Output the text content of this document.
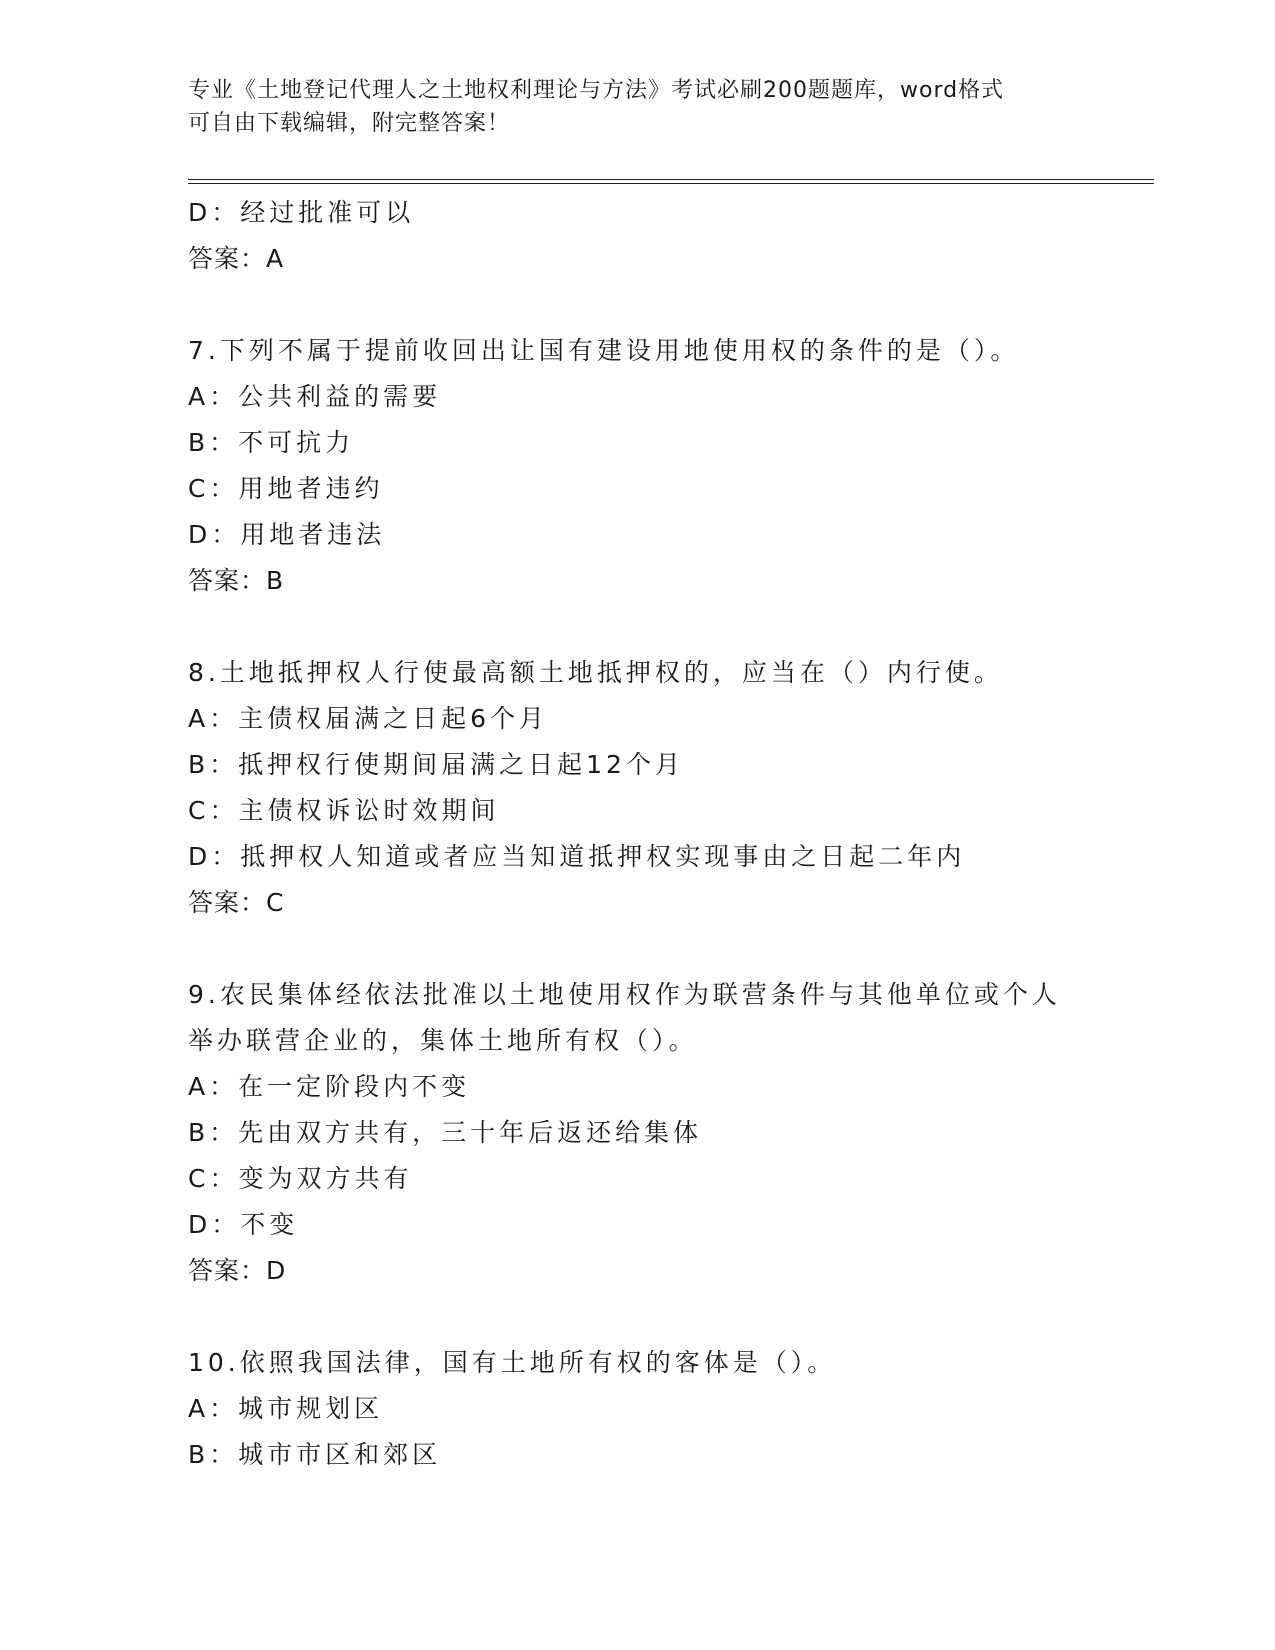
专业《土地登记代理人之土地权利理论与方法》考试必刷200题题库，word格式
可自由下载编辑，附完整答案！
D：经过批准可以
答案：A
7.下列不属于提前收回出让国有建设用地使用权的条件的是（）。
A：公共利益的需要
B：不可抗力
C：用地者违约
D：用地者违法
答案：B
8.土地抵押权人行使最高额土地抵押权的，应当在（）内行使。
A：主债权届满之日起6个月
B：抵押权行使期间届满之日起12个月
C：主债权诉讼时效期间
D：抵押权人知道或者应当知道抵押权实现事由之日起二年内
答案：C
9.农民集体经依法批准以土地使用权作为联营条件与其他单位或个人
举办联营企业的，集体土地所有权（）。
A：在一定阶段内不变
B：先由双方共有，三十年后返还给集体
C：变为双方共有
D：不变
答案：D
10.依照我国法律，国有土地所有权的客体是（）。
A：城市规划区
B：城市市区和郊区
